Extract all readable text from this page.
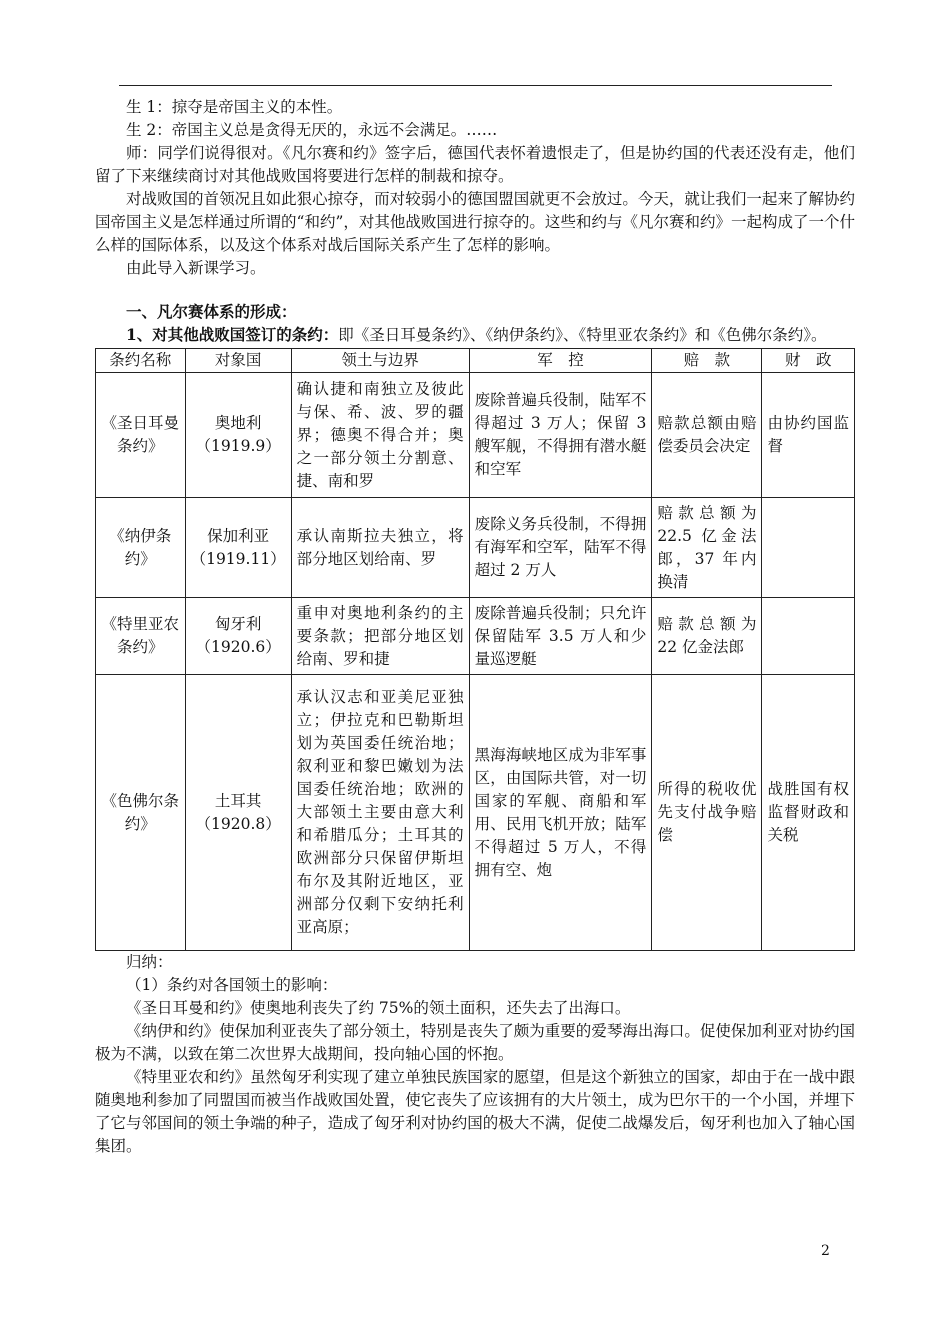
生 1：掠夺是帝国主义的本性。

生 2：帝国主义总是贪得无厌的，永远不会满足。……

师：同学们说得很对。《凡尔赛和约》签字后，德国代表怀着遗恨走了，但是协约国的代表还没有走，他们留了下来继续商讨对其他战败国将要进行怎样的制裁和掠夺。

对战败国的首领况且如此狠心掠夺，而对较弱小的德国盟国就更不会放过。今天，就让我们一起来了解协约国帝国主义是怎样通过所谓的“和约”，对其他战败国进行掠夺的。这些和约与《凡尔赛和约》一起构成了一个什么样的国际体系，以及这个体系对战后国际关系产生了怎样的影响。

由此导入新课学习。

一、凡尔赛体系的形成：

1、对其他战败国签订的条约：即《圣日耳曼条约》、《纳伊条约》、《特里亚农条约》和《色佛尔条约》。

条约名称	对象国	领土与边界	军　控	赔　款	财　政
《圣日耳曼条约》	奥地利（1919.9）	确认捷和南独立及彼此与保、希、波、罗的疆界；德奥不得合并；奥之一部分领土分割意、捷、南和罗	废除普遍兵役制，陆军不得超过 3 万人；保留 3 艘军舰，不得拥有潜水艇和空军	赔款总额由赔偿委员会决定	由协约国监督
《纳伊条约》	保加利亚（1919.11）	承认南斯拉夫独立，将部分地区划给南、罗	废除义务兵役制，不得拥有海军和空军，陆军不得超过 2 万人	赔款总额为 22.5 亿金法郎，37 年内换清	
《特里亚农条约》	匈牙利（1920.6）	重申对奥地利条约的主要条款；把部分地区划给南、罗和捷	废除普遍兵役制；只允许保留陆军 3.5 万人和少量巡逻艇	赔款总额为 22 亿金法郎	
《色佛尔条约》	土耳其（1920.8）	承认汉志和亚美尼亚独立；伊拉克和巴勒斯坦划为英国委任统治地；叙利亚和黎巴嫩划为法国委任统治地；欧洲的大部领土主要由意大利和希腊瓜分；土耳其的欧洲部分只保留伊斯坦布尔及其附近地区，亚洲部分仅剩下安纳托利亚高原；	黑海海峡地区成为非军事区，由国际共管，对一切国家的军舰、商船和军用、民用飞机开放；陆军不得超过 5 万人，不得拥有空、炮	所得的税收优先支付战争赔偿	战胜国有权监督财政和关税

归纳：

（1）条约对各国领土的影响：

《圣日耳曼和约》使奥地利丧失了约 75%的领土面积，还失去了出海口。

《纳伊和约》使保加利亚丧失了部分领土，特别是丧失了颇为重要的爱琴海出海口。促使保加利亚对协约国极为不满，以致在第二次世界大战期间，投向轴心国的怀抱。

《特里亚农和约》虽然匈牙利实现了建立单独民族国家的愿望，但是这个新独立的国家，却由于在一战中跟随奥地利参加了同盟国而被当作战败国处置，使它丧失了应该拥有的大片领土，成为巴尔干的一个小国，并埋下了它与邻国间的领土争端的种子，造成了匈牙利对协约国的极大不满，促使二战爆发后，匈牙利也加入了轴心国集团。

2
